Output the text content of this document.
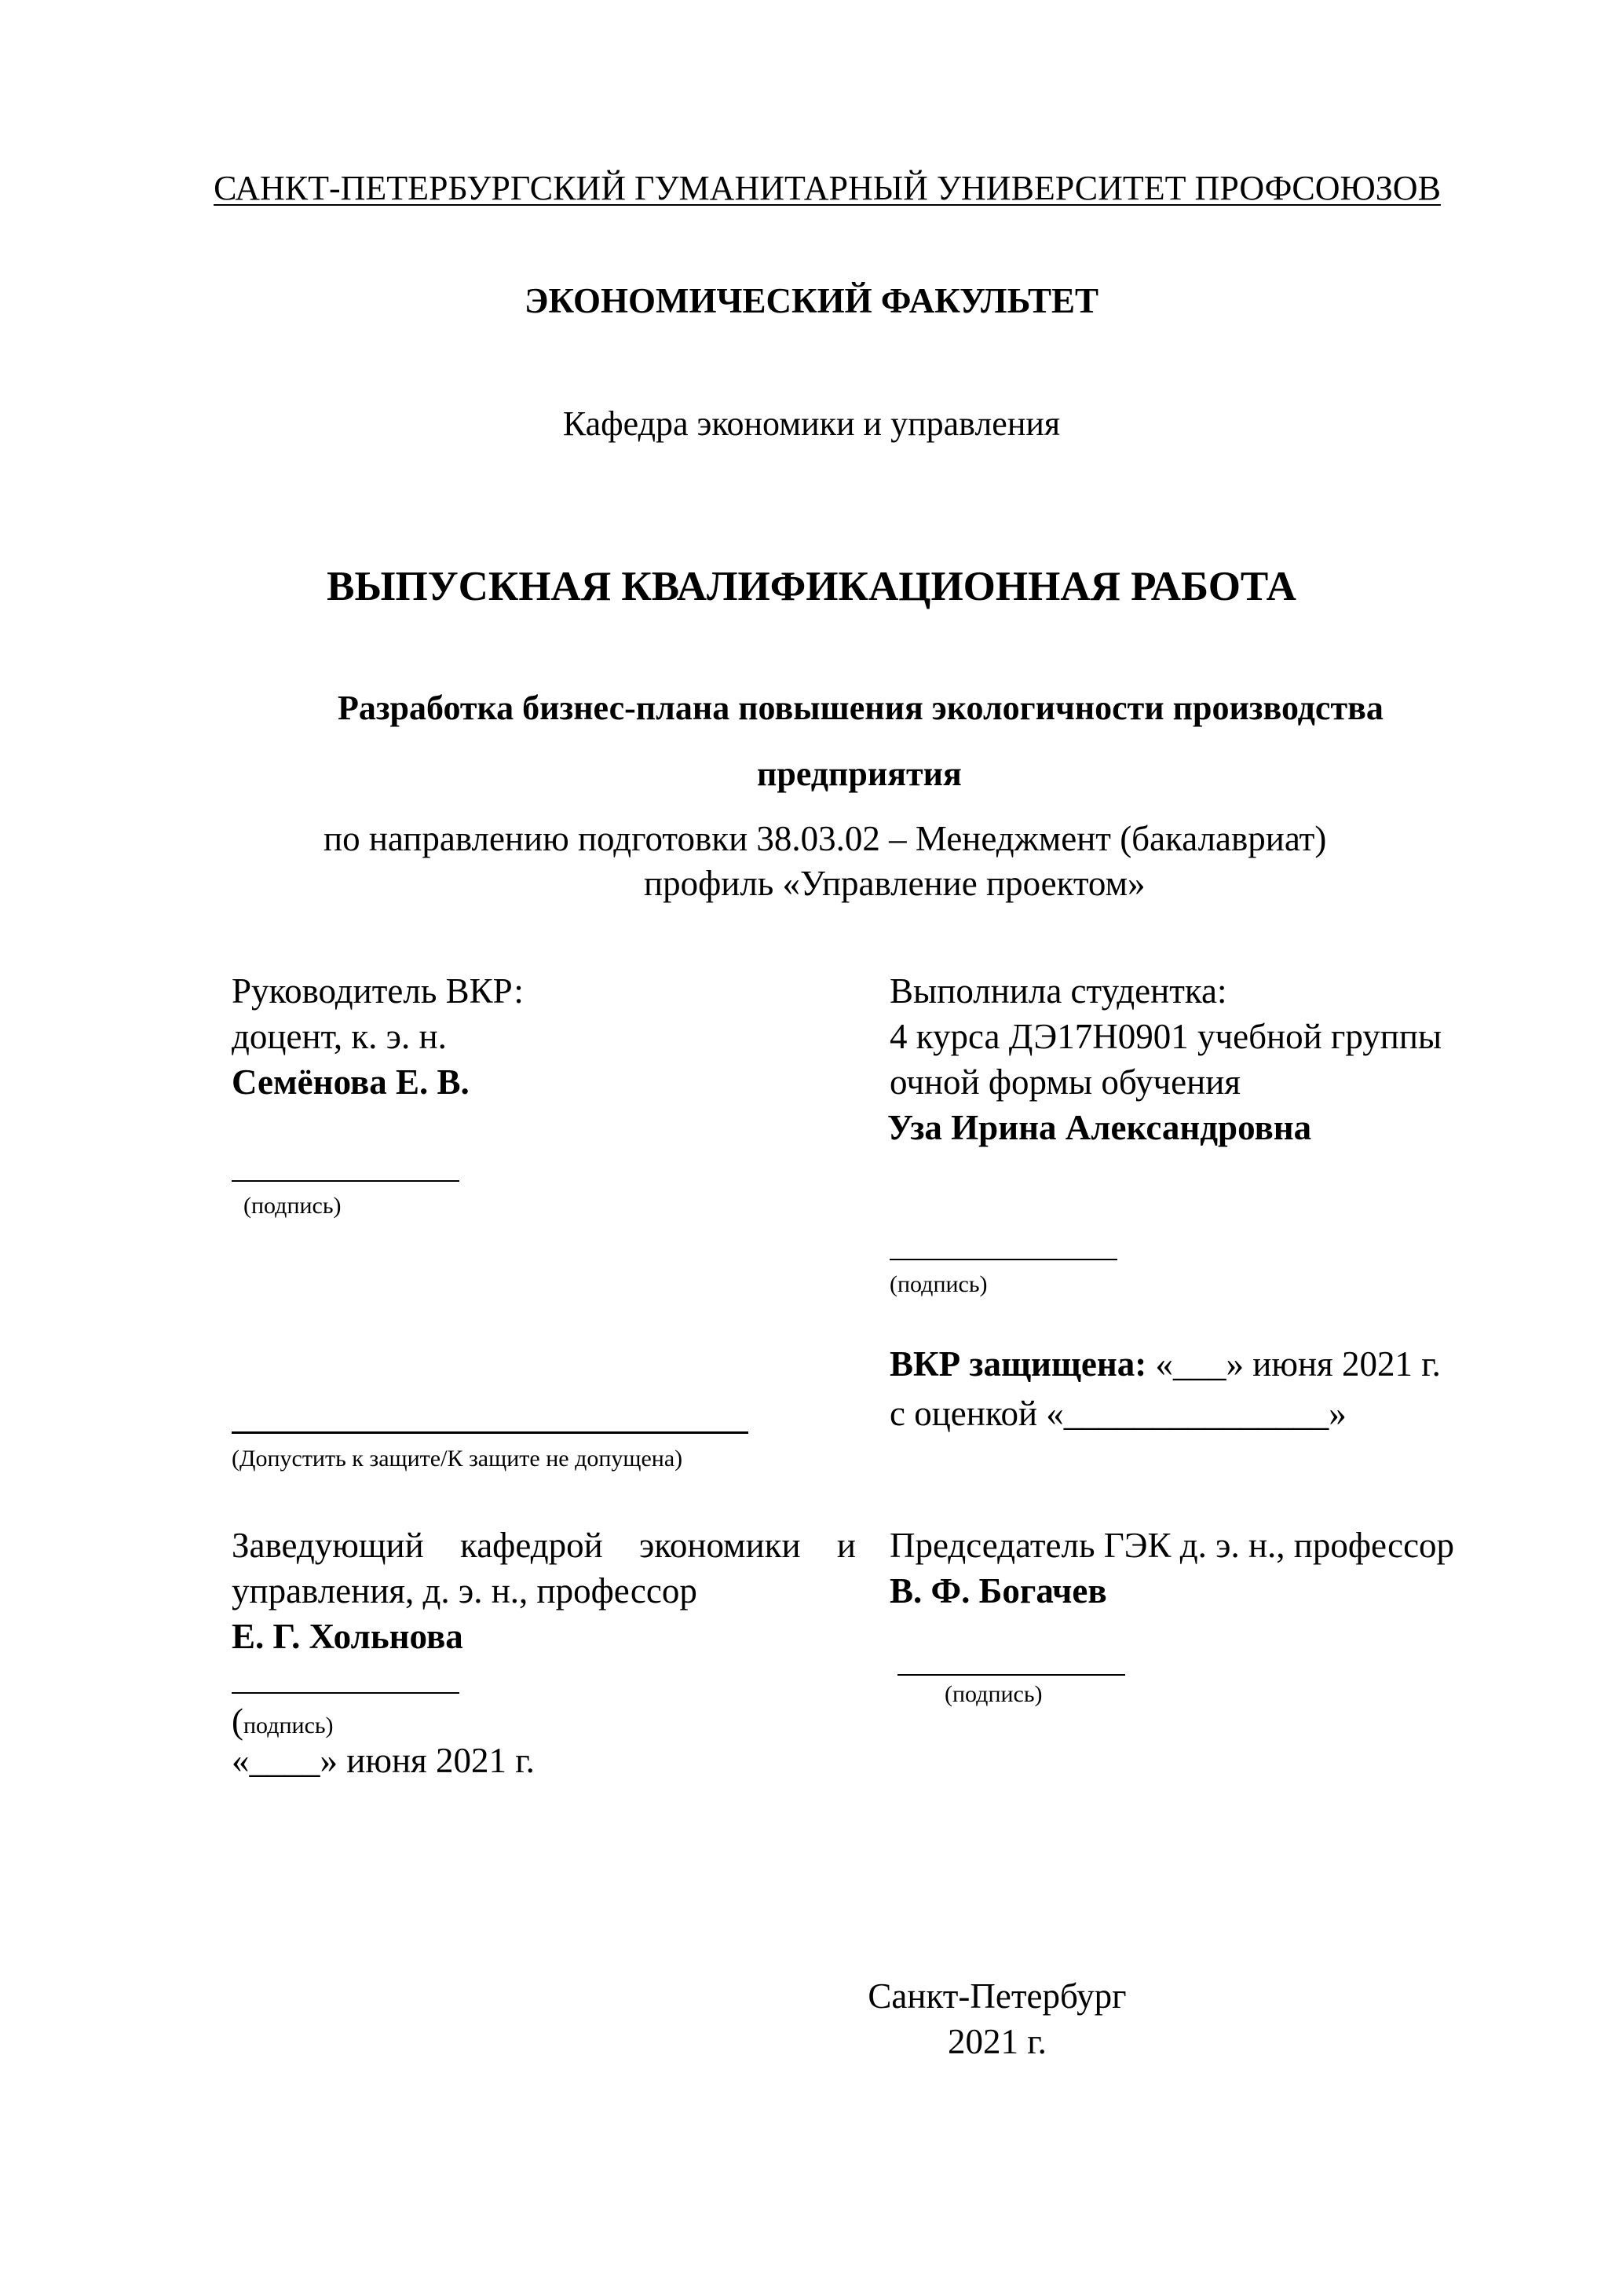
САНКТ-ПЕТЕРБУРГСКИЙ ГУМАНИТАРНЫЙ УНИВЕРСИТЕТ ПРОФСОЮЗОВ
ЭКОНОМИЧЕСКИЙ ФАКУЛЬТЕТ
Кафедра экономики и управления
ВЫПУСКНАЯ КВАЛИФИКАЦИОННАЯ РАБОТА
Разработка бизнес-плана повышения экологичности производства
предприятия
по направлению подготовки 38.03.02 – Менеджмент (бакалавриат)
профиль «Управление проектом»
Руководитель ВКР:
доцент, к. э. н.
Семёнова Е. В.
(подпись)
Выполнила студентка:
4 курса ДЭ17Н0901 учебной группы
очной формы обучения
Уза Ирина Александровна
(подпись)
ВКР защищена: «___» июня 2021 г.
с оценкой «_______________»
(Допустить к защите/К защите не допущена)
Заведующий кафедрой экономики и
управления, д. э. н., профессор
Е. Г. Хольнова
(подпись)
«____» июня 2021 г.
Председатель ГЭК д. э. н., профессор
В. Ф. Богачев
(подпись)
Санкт-Петербург
2021 г.
